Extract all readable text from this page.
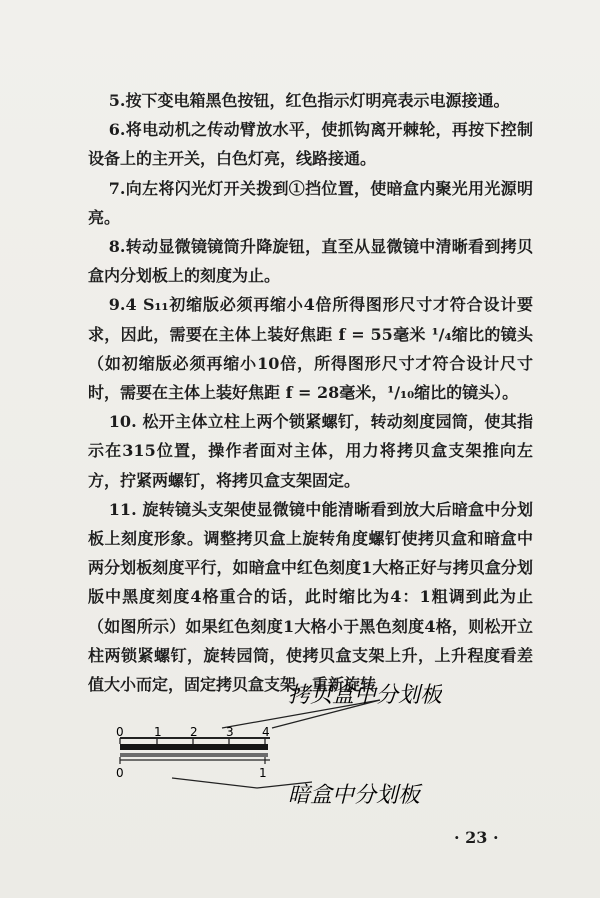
5.按下变电箱黑色按钮，红色指示灯明亮表示电源接通。

6.将电动机之传动臂放水平，使抓钩离开棘轮，再按下控制设备上的主开关，白色灯亮，线路接通。

7.向左将闪光灯开关拨到①挡位置，使暗盒内聚光用光源明亮。

8.转动显微镜镜筒升降旋钮，直至从显微镜中清晰看到拷贝盒内分划板上的刻度为止。

9.4 S₁₁初缩版必须再缩小4倍所得图形尺寸才符合设计要求，因此，需要在主体上装好焦距 f = 55毫米 ¹/₄缩比的镜头（如初缩版必须再缩小10倍，所得图形尺寸才符合设计尺寸时，需要在主体上装好焦距 f = 28毫米，¹/₁₀缩比的镜头）。

10. 松开主体立柱上两个锁紧螺钉，转动刻度园筒，使其指示在315位置，操作者面对主体，用力将拷贝盒支架推向左方，拧紧两螺钉，将拷贝盒支架固定。

11. 旋转镜头支架使显微镜中能清晰看到放大后暗盒中分划板上刻度形象。调整拷贝盒上旋转角度螺钉使拷贝盒和暗盒中两分划板刻度平行，如暗盒中红色刻度1大格正好与拷贝盒分划版中黑度刻度4格重合的话，此时缩比为4：1粗调到此为止（如图所示）如果红色刻度1大格小于黑色刻度4格，则松开立柱两锁紧螺钉，旋转园筒，使拷贝盒支架上升，上升程度看差值大小而定，固定拷贝盒支架，重新旋转

0	1 2 3 4
0	1
拷贝盒中分划板
暗盒中分划板
· 23 ·
